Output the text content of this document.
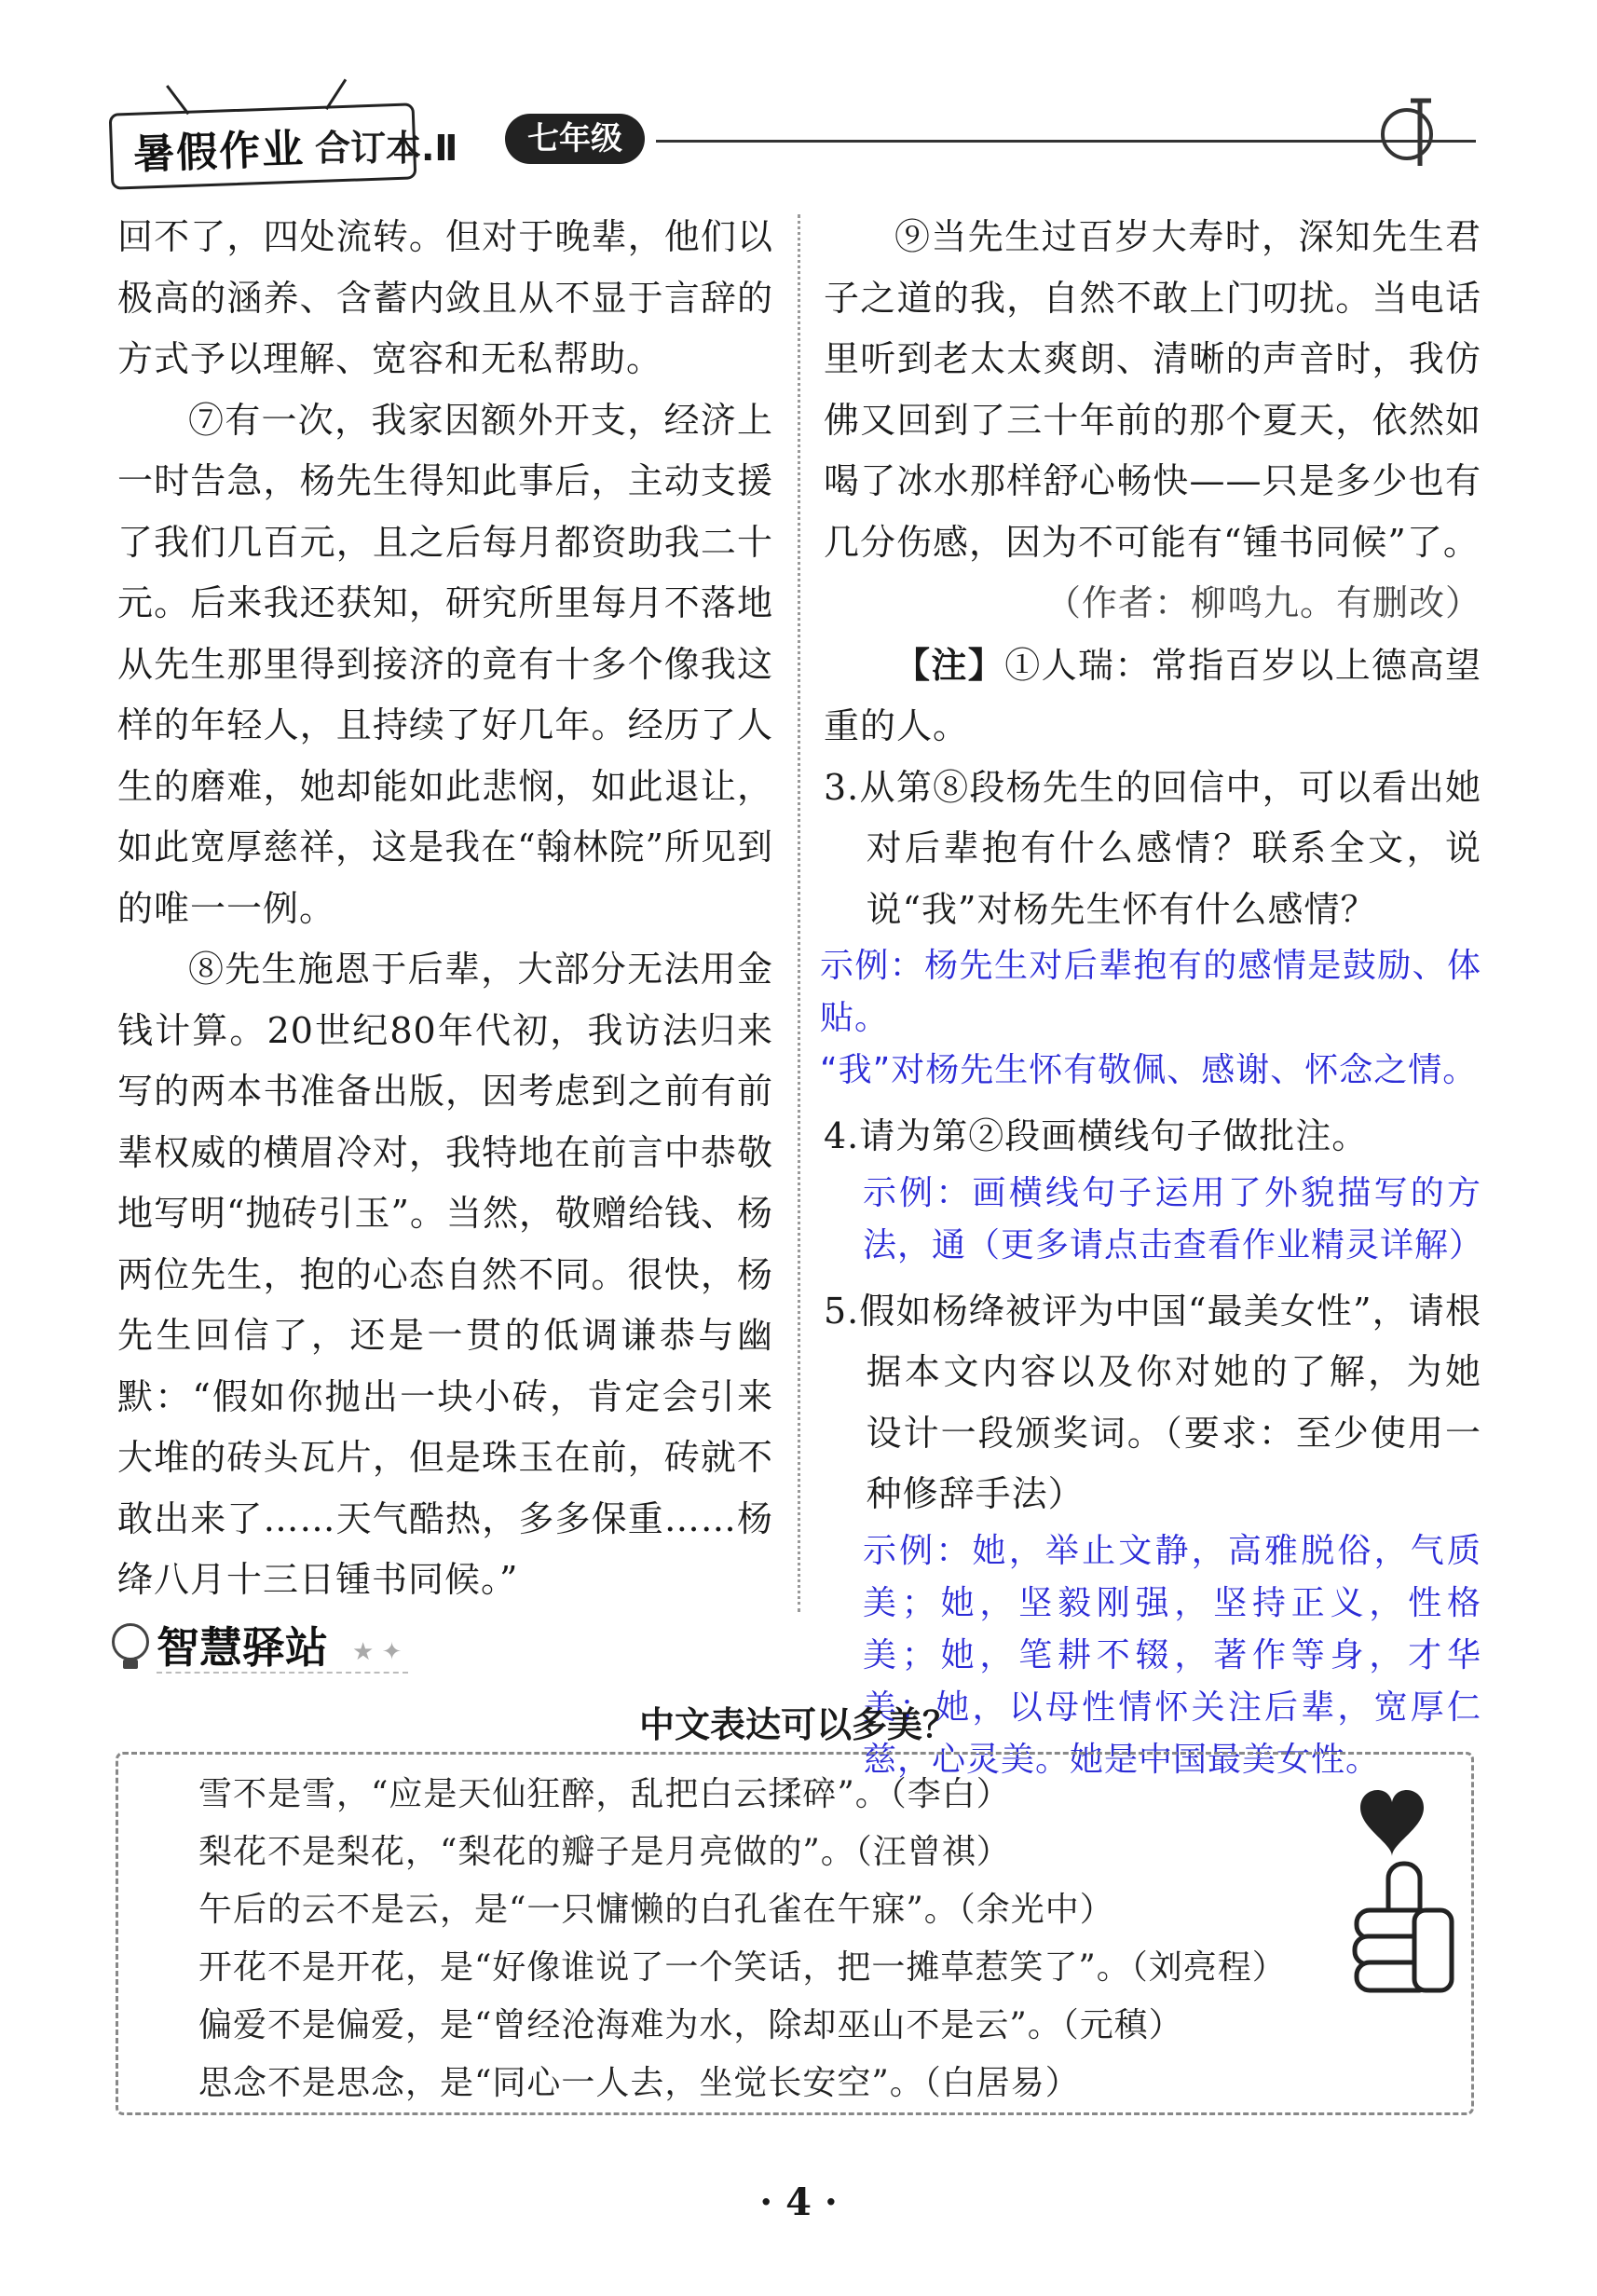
暑假作业 合订本.Ⅱ	七年级

回不了，四处流转。但对于晚辈，他们以极高的涵养、含蓄内敛且从不显于言辞的方式予以理解、宽容和无私帮助。

⑦有一次，我家因额外开支，经济上一时告急，杨先生得知此事后，主动支援了我们几百元，且之后每月都资助我二十元。后来我还获知，研究所里每月不落地从先生那里得到接济的竟有十多个像我这样的年轻人，且持续了好几年。经历了人生的磨难，她却能如此悲悯，如此退让，如此宽厚慈祥，这是我在“翰林院”所见到的唯一一例。

⑧先生施恩于后辈，大部分无法用金钱计算。20世纪80年代初，我访法归来写的两本书准备出版，因考虑到之前有前辈权威的横眉冷对，我特地在前言中恭敬地写明“抛砖引玉”。当然，敬赠给钱、杨两位先生，抱的心态自然不同。很快，杨先生回信了，还是一贯的低调谦恭与幽默：“假如你抛出一块小砖，肯定会引来大堆的砖头瓦片，但是珠玉在前，砖就不敢出来了……天气酷热，多多保重……杨绛八月十三日锺书同候。”

⑨当先生过百岁大寿时，深知先生君子之道的我，自然不敢上门叨扰。当电话里听到老太太爽朗、清晰的声音时，我仿佛又回到了三十年前的那个夏天，依然如喝了冰水那样舒心畅快——只是多少也有几分伤感，因为不可能有“锺书同候”了。

（作者：柳鸣九。有删改）

【注】①人瑞：常指百岁以上德高望重的人。

3.从第⑧段杨先生的回信中，可以看出她对后辈抱有什么感情？联系全文，说说“我”对杨先生怀有什么感情？

示例：杨先生对后辈抱有的感情是鼓励、体贴。

“我”对杨先生怀有敬佩、感谢、怀念之情。

4.请为第②段画横线句子做批注。

示例：画横线句子运用了外貌描写的方法，通（更多请点击查看作业精灵详解）

5.假如杨绛被评为中国“最美女性”，请根据本文内容以及你对她的了解，为她设计一段颁奖词。（要求：至少使用一种修辞手法）

示例：她，举止文静，高雅脱俗，气质美；她，坚毅刚强，坚持正义，性格美；她，笔耕不辍，著作等身，才华美；她，以母性情怀关注后辈，宽厚仁慈，心灵美。她是中国最美女性。

智慧驿站 ★ ✦
中文表达可以多美？

雪不是雪，“应是天仙狂醉，乱把白云揉碎”。（李白）

梨花不是梨花，“梨花的瓣子是月亮做的”。（汪曾祺）

午后的云不是云，是“一只慵懒的白孔雀在午寐”。（余光中）

开花不是开花，是“好像谁说了一个笑话，把一摊草惹笑了”。（刘亮程）

偏爱不是偏爱，是“曾经沧海难为水，除却巫山不是云”。（元稹）

思念不是思念，是“同心一人去，坐觉长安空”。（白居易）

· 4 ·
